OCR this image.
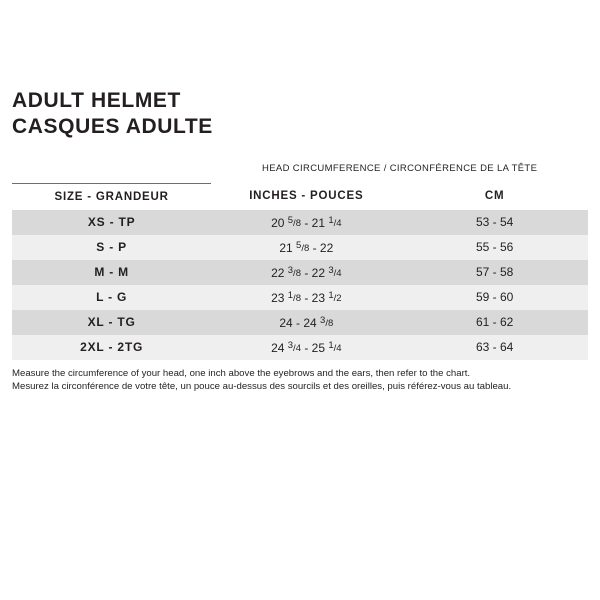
ADULT HELMET
CASQUES ADULTE
	HEAD CIRCUMFERENCE / CIRCONFÉRENCE DE LA TÊTE	
SIZE - GRANDEUR	INCHES - POUCES	CM
XS - TP	20 $^5$/8 - 21 $^1$/4	53 - 54
S - P	21 $^5$/8 - 22	55 - 56
M - M	22 $^3$/8 - 22 $^3$/4	57 - 58
L - G	23 $^1$/8 - 23 $^1$/2	59 - 60
XL - TG	24 - 24 $^3$/8	61 - 62
2XL - 2TG	24 $^3$/4 - 25 $^1$/4	63 - 64
Measure the circumference of your head, one inch above the eyebrows and the ears, then refer to the chart.
Mesurez la circonférence de votre tête, un pouce au-dessus des sourcils et des oreilles, puis référez-vous au tableau.
